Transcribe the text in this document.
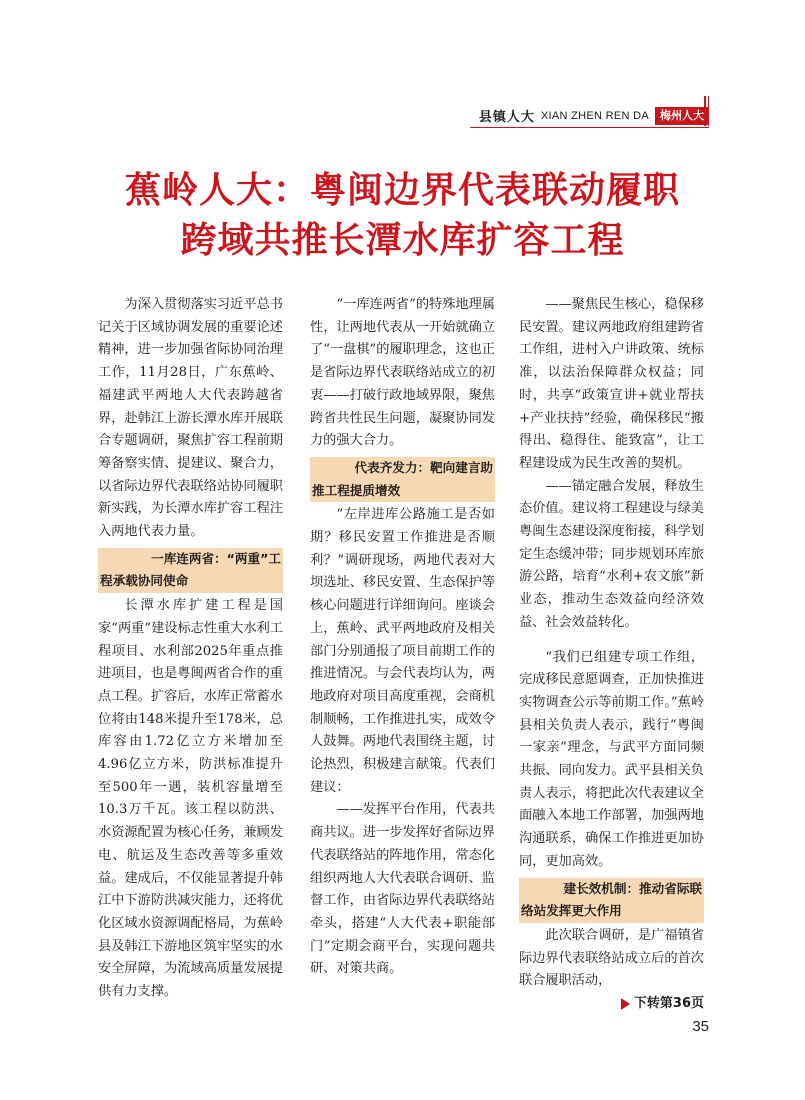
县镇人大 XIAN ZHEN REN DA	梅州人大
蕉岭人大：粤闽边界代表联动履职
跨域共推长潭水库扩容工程

为深入贯彻落实习近平总书记关于区域协调发展的重要论述精神，进一步加强省际协同治理工作，11月28日，广东蕉岭、福建武平两地人大代表跨越省界，赴韩江上游长潭水库开展联合专题调研，聚焦扩容工程前期筹备察实情、提建议、聚合力，以省际边界代表联络站协同履职新实践，为长潭水库扩容工程注入两地代表力量。

一库连两省：“两重”工
程承载协同使命

长潭水库扩建工程是国家“两重”建设标志性重大水利工程项目、水利部2025年重点推进项目，也是粤闽两省合作的重点工程。扩容后，水库正常蓄水位将由148米提升至178米，总库容由1.72亿立方米增加至4.96亿立方米，防洪标准提升至500年一遇，装机容量增至10.3万千瓦。该工程以防洪、水资源配置为核心任务，兼顾发电、航运及生态改善等多重效益。建成后，不仅能显著提升韩江中下游防洪减灾能力，还将优化区域水资源调配格局，为蕉岭县及韩江下游地区筑牢坚实的水安全屏障，为流域高质量发展提供有力支撑。

“一库连两省”的特殊地理属性，让两地代表从一开始就确立了“一盘棋”的履职理念，这也正是省际边界代表联络站成立的初衷——打破行政地域界限，聚焦跨省共性民生问题，凝聚协同发力的强大合力。

代表齐发力：靶向建言助
推工程提质增效

“左岸进库公路施工是否如期？移民安置工作推进是否顺利？”调研现场，两地代表对大坝选址、移民安置、生态保护等核心问题进行详细询问。座谈会上，蕉岭、武平两地政府及相关部门分别通报了项目前期工作的推进情况。与会代表均认为，两地政府对项目高度重视，会商机制顺畅，工作推进扎实，成效令人鼓舞。两地代表围绕主题，讨论热烈，积极建言献策。代表们建议：

——发挥平台作用，代表共商共议。进一步发挥好省际边界代表联络站的阵地作用，常态化组织两地人大代表联合调研、监督工作，由省际边界代表联络站牵头，搭建“人大代表+职能部门”定期会商平台，实现问题共研、对策共商。

——聚焦民生核心，稳保移民安置。建议两地政府组建跨省工作组，进村入户讲政策、统标准，以法治保障群众权益；同时，共享“政策宣讲+就业帮扶+产业扶持”经验，确保移民“搬得出、稳得住、能致富”，让工程建设成为民生改善的契机。

——锚定融合发展，释放生态价值。建议将工程建设与绿美粤闽生态建设深度衔接，科学划定生态缓冲带；同步规划环库旅游公路，培育“水利+农文旅”新业态，推动生态效益向经济效益、社会效益转化。

“我们已组建专项工作组，完成移民意愿调查，正加快推进实物调查公示等前期工作。”蕉岭县相关负责人表示，践行“粤闽一家亲”理念，与武平方面同频共振、同向发力。武平县相关负责人表示，将把此次代表建议全面融入本地工作部署，加强两地沟通联系，确保工作推进更加协同，更加高效。

建长效机制：推动省际联
络站发挥更大作用

此次联合调研，是广福镇省际边界代表联络站成立后的首次联合履职活动，

下转第36页
35
